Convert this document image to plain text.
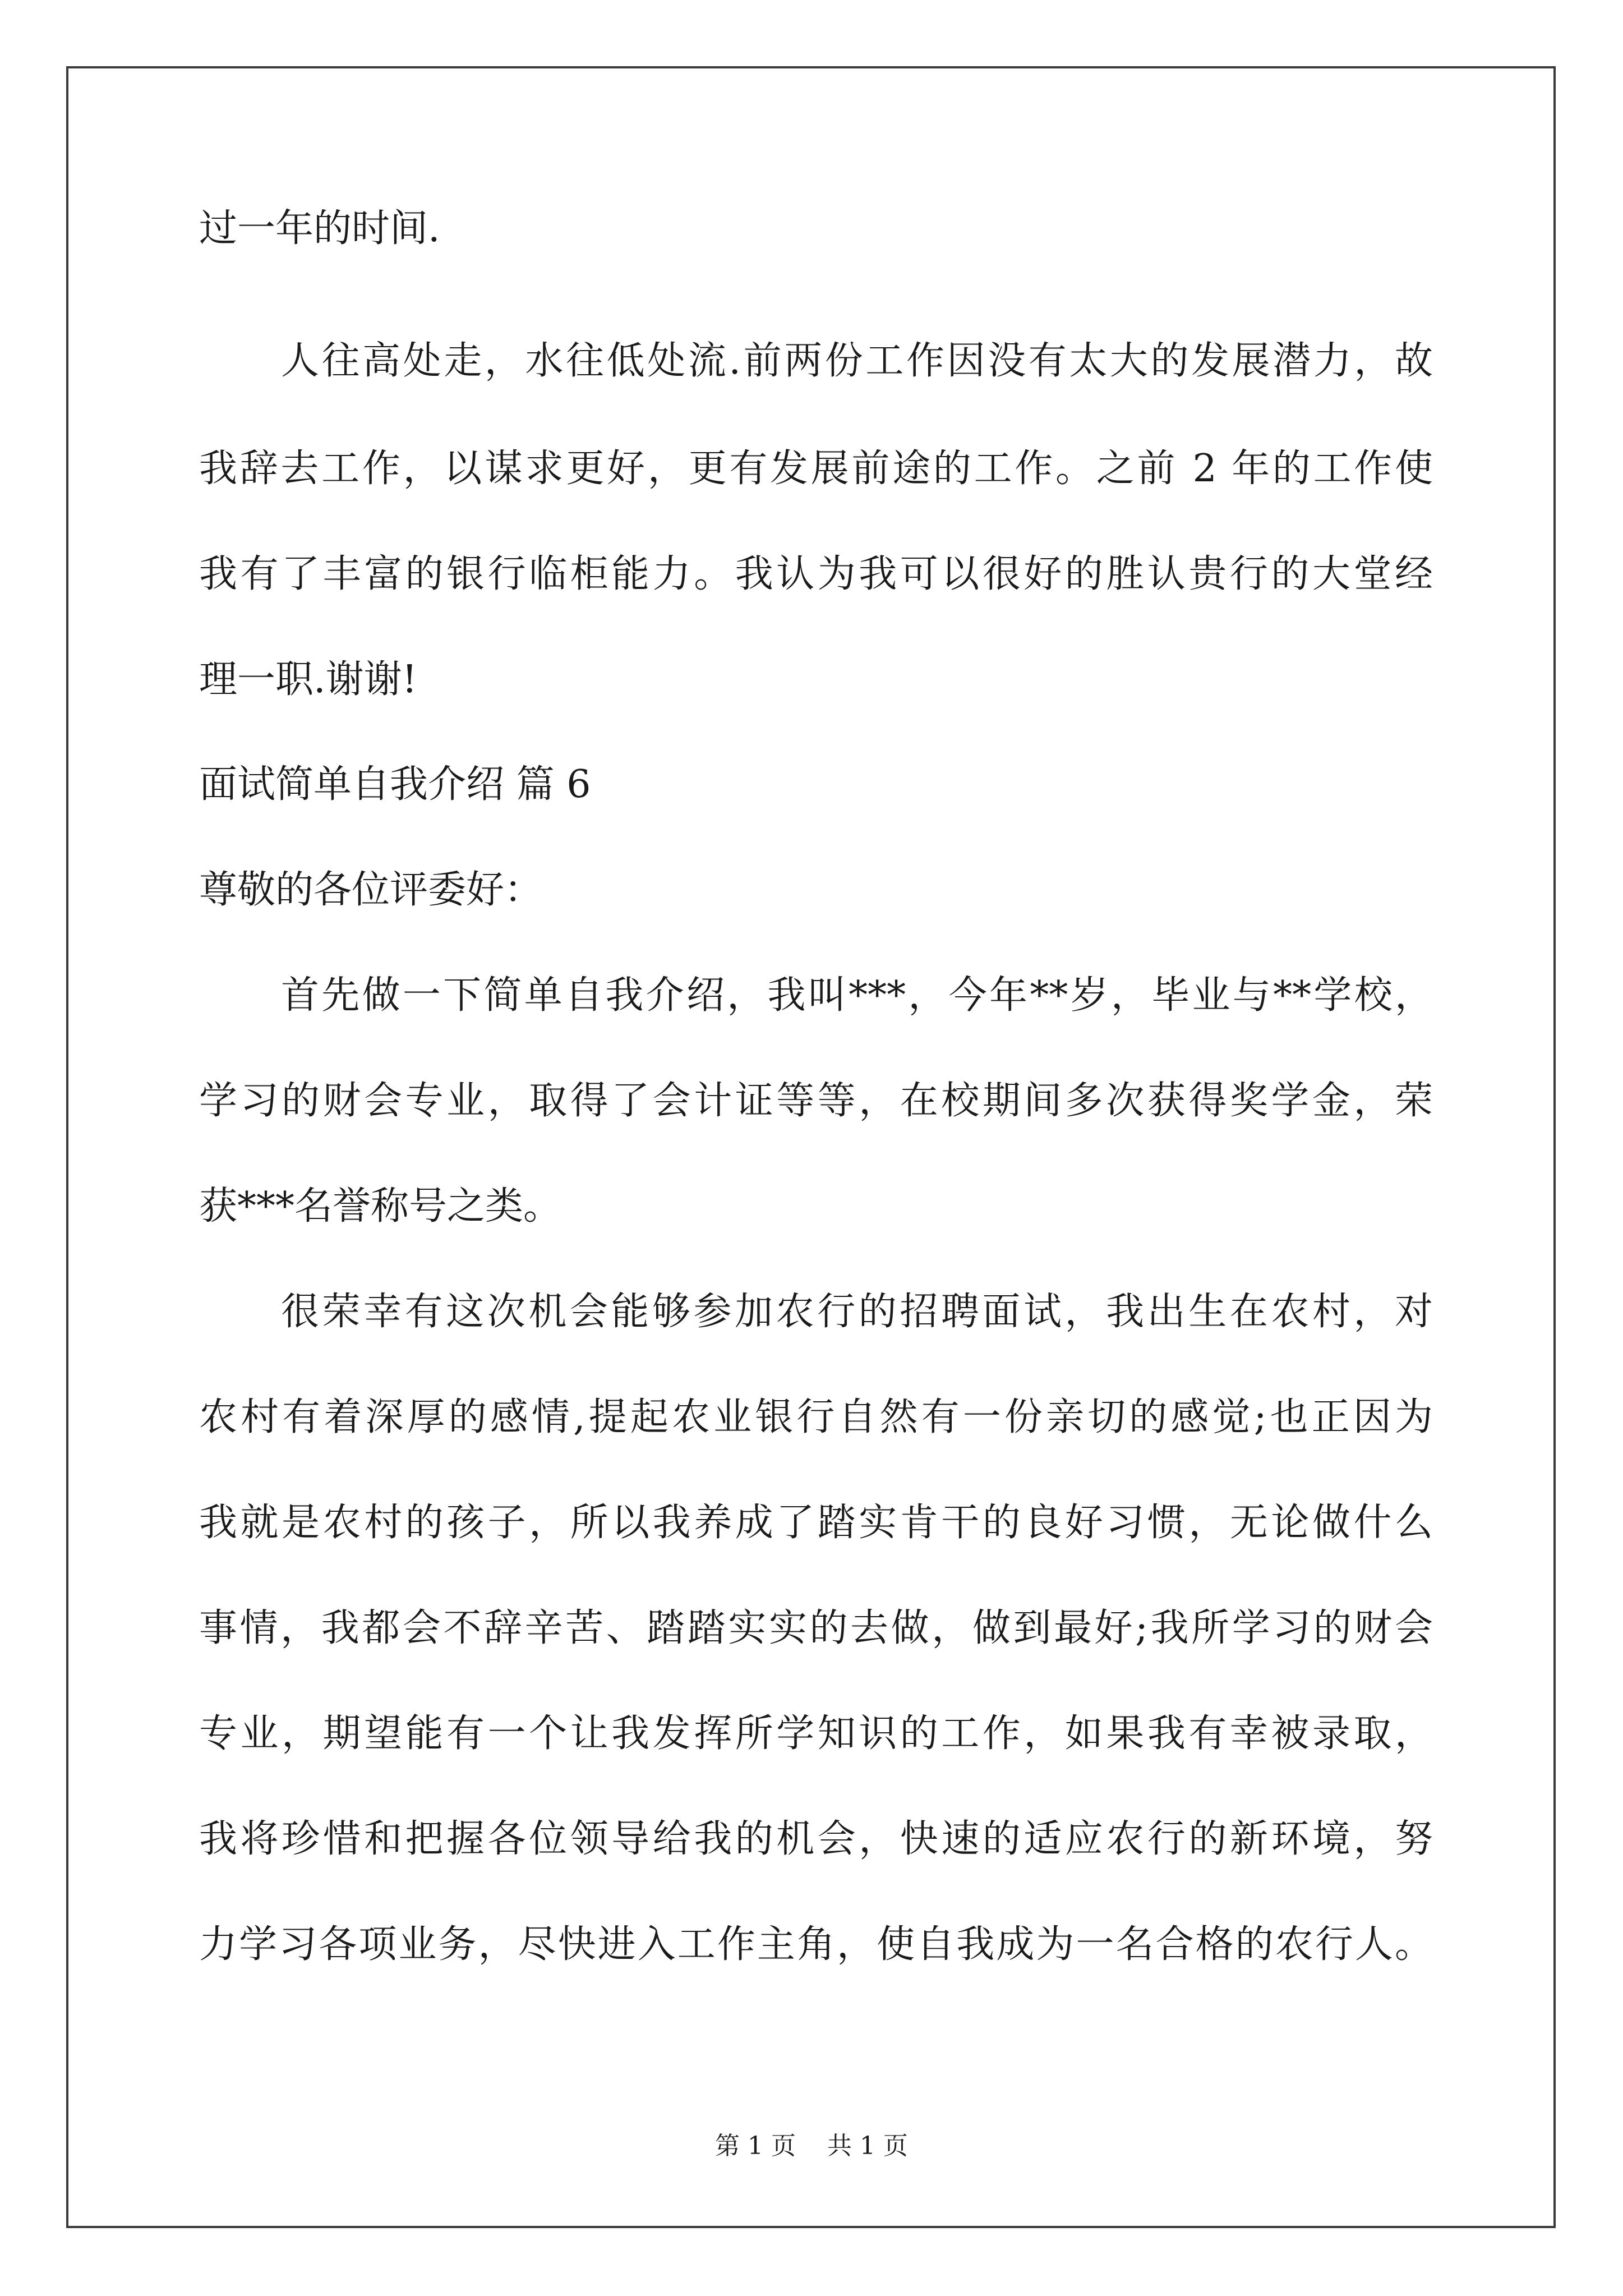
过一年的时间.
人往高处走，水往低处流.前两份工作因没有太大的发展潜力，故
我辞去工作，以谋求更好，更有发展前途的工作。之前 2 年的工作使
我有了丰富的银行临柜能力。我认为我可以很好的胜认贵行的大堂经
理一职.谢谢!
面试简单自我介绍 篇 6
尊敬的各位评委好：
首先做一下简单自我介绍，我叫***，今年**岁，毕业与**学校，
学习的财会专业，取得了会计证等等，在校期间多次获得奖学金，荣
获***名誉称号之类。
很荣幸有这次机会能够参加农行的招聘面试，我出生在农村，对
农村有着深厚的感情,提起农业银行自然有一份亲切的感觉;也正因为
我就是农村的孩子，所以我养成了踏实肯干的良好习惯，无论做什么
事情，我都会不辞辛苦、踏踏实实的去做，做到最好;我所学习的财会
专业，期望能有一个让我发挥所学知识的工作，如果我有幸被录取，
我将珍惜和把握各位领导给我的机会，快速的适应农行的新环境，努
力学习各项业务，尽快进入工作主角，使自我成为一名合格的农行人。
第 1 页    共 1 页
